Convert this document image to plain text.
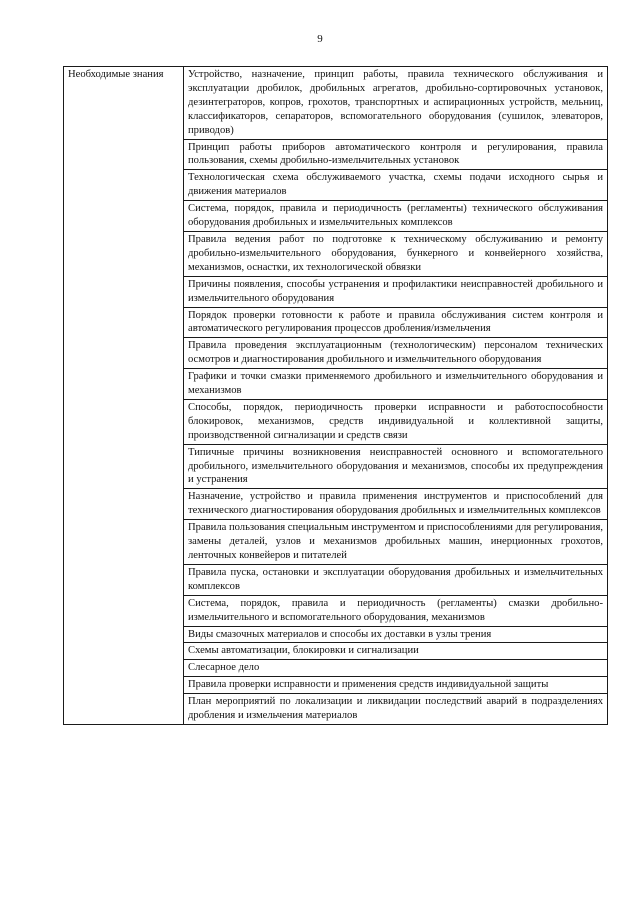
9
Необходимые знания	Устройство, назначение, принцип работы, правила технического обслуживания и эксплуатации дробилок, дробильных агрегатов, дробильно-сортировочных установок, дезинтеграторов, копров, грохотов, транспортных и аспирационных устройств, мельниц, классификаторов, сепараторов, вспомогательного оборудования (сушилок, элеваторов, приводов)
Принцип работы приборов автоматического контроля и регулирования, правила пользования, схемы дробильно-измельчительных установок
Технологическая схема обслуживаемого участка, схемы подачи исходного сырья и движения материалов
Система, порядок, правила и периодичность (регламенты) технического обслуживания оборудования дробильных и измельчительных комплексов
Правила ведения работ по подготовке к техническому обслуживанию и ремонту дробильно-измельчительного оборудования, бункерного и конвейерного хозяйства, механизмов, оснастки, их технологической обвязки
Причины появления, способы устранения и профилактики неисправностей дробильного и измельчительного оборудования
Порядок проверки готовности к работе и правила обслуживания систем контроля и автоматического регулирования процессов дробления/измельчения
Правила проведения эксплуатационным (технологическим) персоналом технических осмотров и диагностирования дробильного и измельчительного оборудования
Графики и точки смазки применяемого дробильного и измельчительного оборудования и механизмов
Способы, порядок, периодичность проверки исправности и работоспособности блокировок, механизмов, средств индивидуальной и коллективной защиты, производственной сигнализации и средств связи
Типичные причины возникновения неисправностей основного и вспомогательного дробильного, измельчительного оборудования и механизмов, способы их предупреждения и устранения
Назначение, устройство и правила применения инструментов и приспособлений для технического диагностирования оборудования дробильных и измельчительных комплексов
Правила пользования специальным инструментом и приспособлениями для регулирования, замены деталей, узлов и механизмов дробильных машин, инерционных грохотов, ленточных конвейеров и питателей
Правила пуска, остановки и эксплуатации оборудования дробильных и измельчительных комплексов
Система, порядок, правила и периодичность (регламенты) смазки дробильно-измельчительного и вспомогательного оборудования, механизмов
Виды смазочных материалов и способы их доставки в узлы трения
Схемы автоматизации, блокировки и сигнализации
Слесарное дело
Правила проверки исправности и применения средств индивидуальной защиты
План мероприятий по локализации и ликвидации последствий аварий в подразделениях дробления и измельчения материалов
